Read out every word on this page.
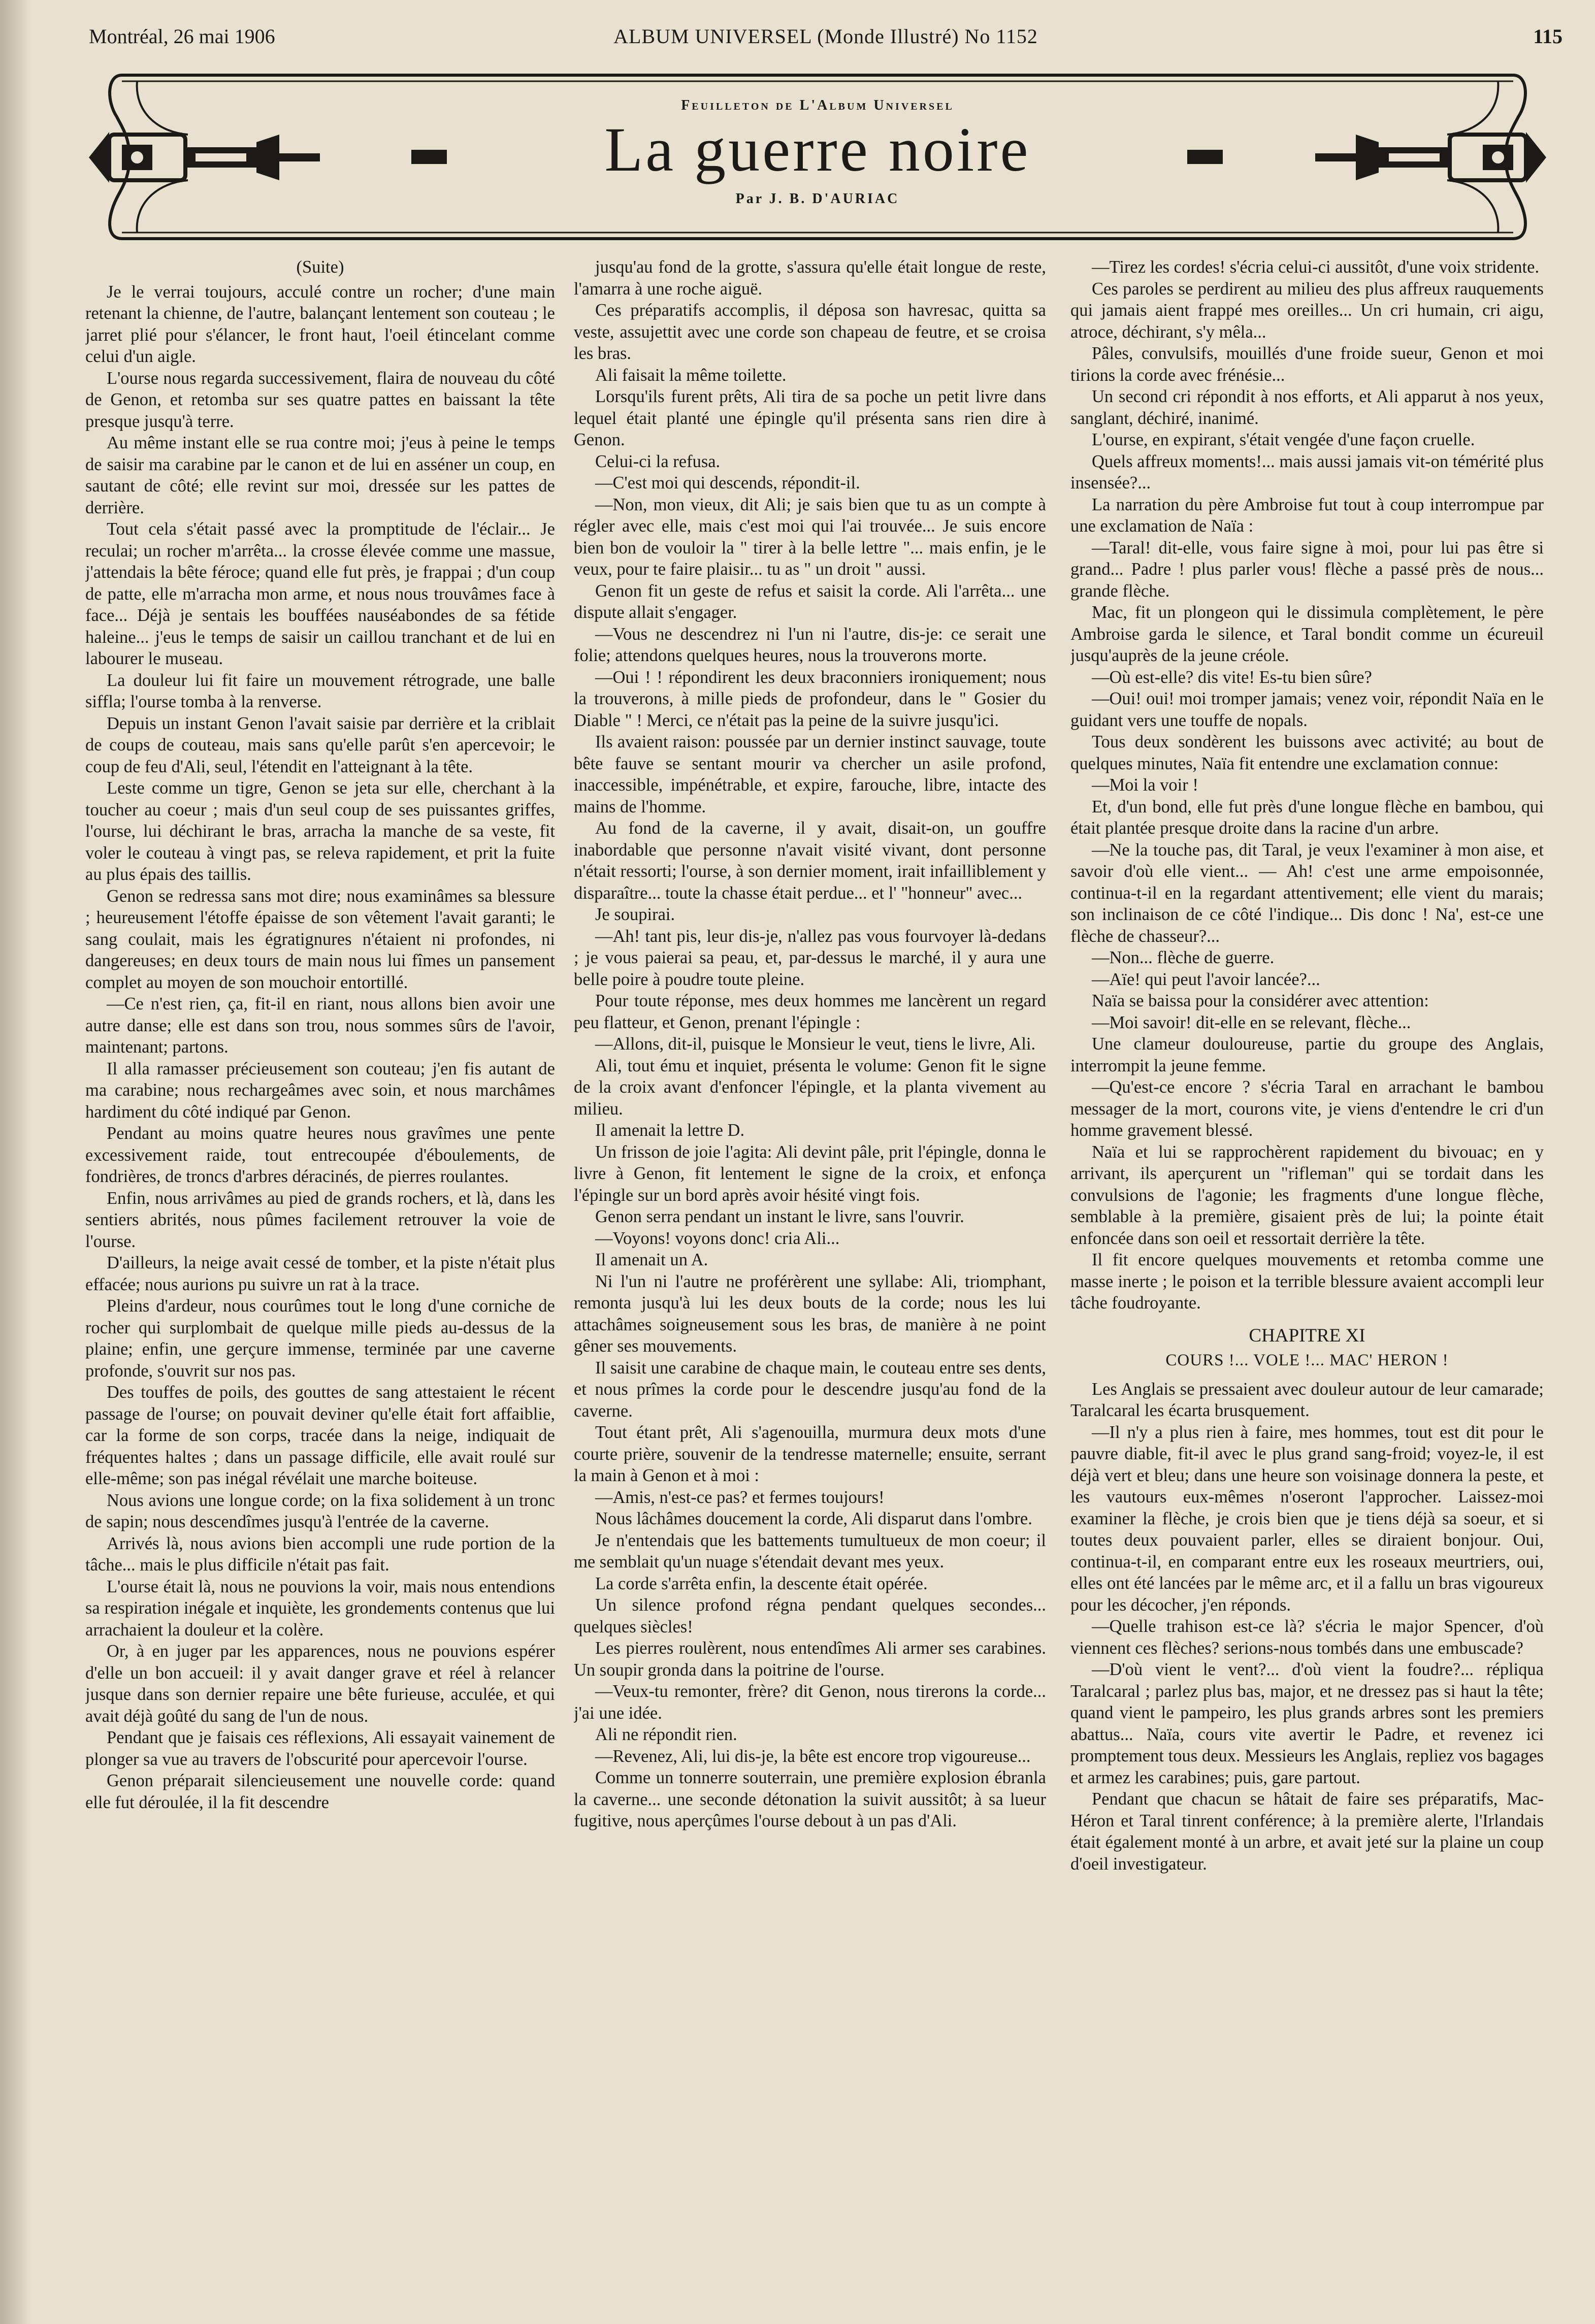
Montréal, 26 mai 1906	ALBUM UNIVERSEL (Monde Illustré) No 1152	115
Feuilleton de L'Album Universel
La guerre noire
Par J. B. D'AURIAC

(Suite)

Je le verrai toujours, acculé contre un rocher; d'une main retenant la chienne, de l'autre, balançant lentement son couteau ; le jarret plié pour s'élancer, le front haut, l'oeil étincelant comme celui d'un aigle.

L'ourse nous regarda successivement, flaira de nouveau du côté de Genon, et retomba sur ses quatre pattes en baissant la tête presque jusqu'à terre.

Au même instant elle se rua contre moi; j'eus à peine le temps de saisir ma carabine par le canon et de lui en asséner un coup, en sautant de côté; elle revint sur moi, dressée sur les pattes de derrière.

Tout cela s'était passé avec la promptitude de l'éclair... Je reculai; un rocher m'arrêta... la crosse élevée comme une massue, j'attendais la bête féroce; quand elle fut près, je frappai ; d'un coup de patte, elle m'arracha mon arme, et nous nous trouvâmes face à face... Déjà je sentais les bouffées nauséabondes de sa fétide haleine... j'eus le temps de saisir un caillou tranchant et de lui en labourer le museau.

La douleur lui fit faire un mouvement rétrograde, une balle siffla; l'ourse tomba à la renverse.

Depuis un instant Genon l'avait saisie par derrière et la criblait de coups de couteau, mais sans qu'elle parût s'en apercevoir; le coup de feu d'Ali, seul, l'étendit en l'atteignant à la tête.

Leste comme un tigre, Genon se jeta sur elle, cherchant à la toucher au coeur ; mais d'un seul coup de ses puissantes griffes, l'ourse, lui déchirant le bras, arracha la manche de sa veste, fit voler le couteau à vingt pas, se releva rapidement, et prit la fuite au plus épais des taillis.

Genon se redressa sans mot dire; nous examinâmes sa blessure ; heureusement l'étoffe épaisse de son vêtement l'avait garanti; le sang coulait, mais les égratignures n'étaient ni profondes, ni dangereuses; en deux tours de main nous lui fîmes un pansement complet au moyen de son mouchoir entortillé.

—Ce n'est rien, ça, fit-il en riant, nous allons bien avoir une autre danse; elle est dans son trou, nous sommes sûrs de l'avoir, maintenant; partons.

Il alla ramasser précieusement son couteau; j'en fis autant de ma carabine; nous rechargeâmes avec soin, et nous marchâmes hardiment du côté indiqué par Genon.

Pendant au moins quatre heures nous gravîmes une pente excessivement raide, tout entrecoupée d'éboulements, de fondrières, de troncs d'arbres déracinés, de pierres roulantes.

Enfin, nous arrivâmes au pied de grands rochers, et là, dans les sentiers abrités, nous pûmes facilement retrouver la voie de l'ourse.

D'ailleurs, la neige avait cessé de tomber, et la piste n'était plus effacée; nous aurions pu suivre un rat à la trace.

Pleins d'ardeur, nous courûmes tout le long d'une corniche de rocher qui surplombait de quelque mille pieds au-dessus de la plaine; enfin, une gerçure immense, terminée par une caverne profonde, s'ouvrit sur nos pas.

Des touffes de poils, des gouttes de sang attestaient le récent passage de l'ourse; on pouvait deviner qu'elle était fort affaiblie, car la forme de son corps, tracée dans la neige, indiquait de fréquentes haltes ; dans un passage difficile, elle avait roulé sur elle-même; son pas inégal révélait une marche boiteuse.

Nous avions une longue corde; on la fixa solidement à un tronc de sapin; nous descendîmes jusqu'à l'entrée de la caverne.

Arrivés là, nous avions bien accompli une rude portion de la tâche... mais le plus difficile n'était pas fait.

L'ourse était là, nous ne pouvions la voir, mais nous entendions sa respiration inégale et inquiète, les grondements contenus que lui arrachaient la douleur et la colère.

Or, à en juger par les apparences, nous ne pouvions espérer d'elle un bon accueil: il y avait danger grave et réel à relancer jusque dans son dernier repaire une bête furieuse, acculée, et qui avait déjà goûté du sang de l'un de nous.

Pendant que je faisais ces réflexions, Ali essayait vainement de plonger sa vue au travers de l'obscurité pour apercevoir l'ourse.

Genon préparait silencieusement une nouvelle corde: quand elle fut déroulée, il la fit descendre

jusqu'au fond de la grotte, s'assura qu'elle était longue de reste, l'amarra à une roche aiguë.

Ces préparatifs accomplis, il déposa son havresac, quitta sa veste, assujettit avec une corde son chapeau de feutre, et se croisa les bras.

Ali faisait la même toilette.

Lorsqu'ils furent prêts, Ali tira de sa poche un petit livre dans lequel était planté une épingle qu'il présenta sans rien dire à Genon.

Celui-ci la refusa.

—C'est moi qui descends, répondit-il.

—Non, mon vieux, dit Ali; je sais bien que tu as un compte à régler avec elle, mais c'est moi qui l'ai trouvée... Je suis encore bien bon de vouloir la " tirer à la belle lettre "... mais enfin, je le veux, pour te faire plaisir... tu as " un droit " aussi.

Genon fit un geste de refus et saisit la corde. Ali l'arrêta... une dispute allait s'engager.

—Vous ne descendrez ni l'un ni l'autre, dis-je: ce serait une folie; attendons quelques heures, nous la trouverons morte.

—Oui ! ! répondirent les deux braconniers ironiquement; nous la trouverons, à mille pieds de profondeur, dans le " Gosier du Diable " ! Merci, ce n'était pas la peine de la suivre jusqu'ici.

Ils avaient raison: poussée par un dernier instinct sauvage, toute bête fauve se sentant mourir va chercher un asile profond, inaccessible, impénétrable, et expire, farouche, libre, intacte des mains de l'homme.

Au fond de la caverne, il y avait, disait-on, un gouffre inabordable que personne n'avait visité vivant, dont personne n'était ressorti; l'ourse, à son dernier moment, irait infailliblement y disparaître... toute la chasse était perdue... et l' "honneur" avec...

Je soupirai.

—Ah! tant pis, leur dis-je, n'allez pas vous fourvoyer là-dedans ; je vous paierai sa peau, et, par-dessus le marché, il y aura une belle poire à poudre toute pleine.

Pour toute réponse, mes deux hommes me lancèrent un regard peu flatteur, et Genon, prenant l'épingle :

—Allons, dit-il, puisque le Monsieur le veut, tiens le livre, Ali.

Ali, tout ému et inquiet, présenta le volume: Genon fit le signe de la croix avant d'enfoncer l'épingle, et la planta vivement au milieu.

Il amenait la lettre D.

Un frisson de joie l'agita: Ali devint pâle, prit l'épingle, donna le livre à Genon, fit lentement le signe de la croix, et enfonça l'épingle sur un bord après avoir hésité vingt fois.

Genon serra pendant un instant le livre, sans l'ouvrir.

—Voyons! voyons donc! cria Ali...

Il amenait un A.

Ni l'un ni l'autre ne proférèrent une syllabe: Ali, triomphant, remonta jusqu'à lui les deux bouts de la corde; nous les lui attachâmes soigneusement sous les bras, de manière à ne point gêner ses mouvements.

Il saisit une carabine de chaque main, le couteau entre ses dents, et nous prîmes la corde pour le descendre jusqu'au fond de la caverne.

Tout étant prêt, Ali s'agenouilla, murmura deux mots d'une courte prière, souvenir de la tendresse maternelle; ensuite, serrant la main à Genon et à moi :

—Amis, n'est-ce pas? et fermes toujours!

Nous lâchâmes doucement la corde, Ali disparut dans l'ombre.

Je n'entendais que les battements tumultueux de mon coeur; il me semblait qu'un nuage s'étendait devant mes yeux.

La corde s'arrêta enfin, la descente était opérée.

Un silence profond régna pendant quelques secondes... quelques siècles!

Les pierres roulèrent, nous entendîmes Ali armer ses carabines. Un soupir gronda dans la poitrine de l'ourse.

—Veux-tu remonter, frère? dit Genon, nous tirerons la corde... j'ai une idée.

Ali ne répondit rien.

—Revenez, Ali, lui dis-je, la bête est encore trop vigoureuse...

Comme un tonnerre souterrain, une première explosion ébranla la caverne... une seconde détonation la suivit aussitôt; à sa lueur fugitive, nous aperçûmes l'ourse debout à un pas d'Ali.

—Tirez les cordes! s'écria celui-ci aussitôt, d'une voix stridente.

Ces paroles se perdirent au milieu des plus affreux rauquements qui jamais aient frappé mes oreilles... Un cri humain, cri aigu, atroce, déchirant, s'y mêla...

Pâles, convulsifs, mouillés d'une froide sueur, Genon et moi tirions la corde avec frénésie...

Un second cri répondit à nos efforts, et Ali apparut à nos yeux, sanglant, déchiré, inanimé.

L'ourse, en expirant, s'était vengée d'une façon cruelle.

Quels affreux moments!... mais aussi jamais vit-on témérité plus insensée?...

La narration du père Ambroise fut tout à coup interrompue par une exclamation de Naïa :

—Taral! dit-elle, vous faire signe à moi, pour lui pas être si grand... Padre ! plus parler vous! flèche a passé près de nous... grande flèche.

Mac, fit un plongeon qui le dissimula complètement, le père Ambroise garda le silence, et Taral bondit comme un écureuil jusqu'auprès de la jeune créole.

—Où est-elle? dis vite! Es-tu bien sûre?

—Oui! oui! moi tromper jamais; venez voir, répondit Naïa en le guidant vers une touffe de nopals.

Tous deux sondèrent les buissons avec activité; au bout de quelques minutes, Naïa fit entendre une exclamation connue:

—Moi la voir !

Et, d'un bond, elle fut près d'une longue flèche en bambou, qui était plantée presque droite dans la racine d'un arbre.

—Ne la touche pas, dit Taral, je veux l'examiner à mon aise, et savoir d'où elle vient... — Ah! c'est une arme empoisonnée, continua-t-il en la regardant attentivement; elle vient du marais; son inclinaison de ce côté l'indique... Dis donc ! Na', est-ce une flèche de chasseur?...

—Non... flèche de guerre.

—Aïe! qui peut l'avoir lancée?...

Naïa se baissa pour la considérer avec attention:

—Moi savoir! dit-elle en se relevant, flèche...

Une clameur douloureuse, partie du groupe des Anglais, interrompit la jeune femme.

—Qu'est-ce encore ? s'écria Taral en arrachant le bambou messager de la mort, courons vite, je viens d'entendre le cri d'un homme gravement blessé.

Naïa et lui se rapprochèrent rapidement du bivouac; en y arrivant, ils aperçurent un "rifleman" qui se tordait dans les convulsions de l'agonie; les fragments d'une longue flèche, semblable à la première, gisaient près de lui; la pointe était enfoncée dans son oeil et ressortait derrière la tête.

Il fit encore quelques mouvements et retomba comme une masse inerte ; le poison et la terrible blessure avaient accompli leur tâche foudroyante.

CHAPITRE XI

COURS !... VOLE !... MAC' HERON !

Les Anglais se pressaient avec douleur autour de leur camarade; Taralcaral les écarta brusquement.

—Il n'y a plus rien à faire, mes hommes, tout est dit pour le pauvre diable, fit-il avec le plus grand sang-froid; voyez-le, il est déjà vert et bleu; dans une heure son voisinage donnera la peste, et les vautours eux-mêmes n'oseront l'approcher. Laissez-moi examiner la flèche, je crois bien que je tiens déjà sa soeur, et si toutes deux pouvaient parler, elles se diraient bonjour. Oui, continua-t-il, en comparant entre eux les roseaux meurtriers, oui, elles ont été lancées par le même arc, et il a fallu un bras vigoureux pour les décocher, j'en réponds.

—Quelle trahison est-ce là? s'écria le major Spencer, d'où viennent ces flèches? serions-nous tombés dans une embuscade?

—D'où vient le vent?... d'où vient la foudre?... répliqua Taralcaral ; parlez plus bas, major, et ne dressez pas si haut la tête; quand vient le pampeiro, les plus grands arbres sont les premiers abattus... Naïa, cours vite avertir le Padre, et revenez ici promptement tous deux. Messieurs les Anglais, repliez vos bagages et armez les carabines; puis, gare partout.

Pendant que chacun se hâtait de faire ses préparatifs, Mac-Héron et Taral tinrent conférence; à la première alerte, l'Irlandais était également monté à un arbre, et avait jeté sur la plaine un coup d'oeil investigateur.
